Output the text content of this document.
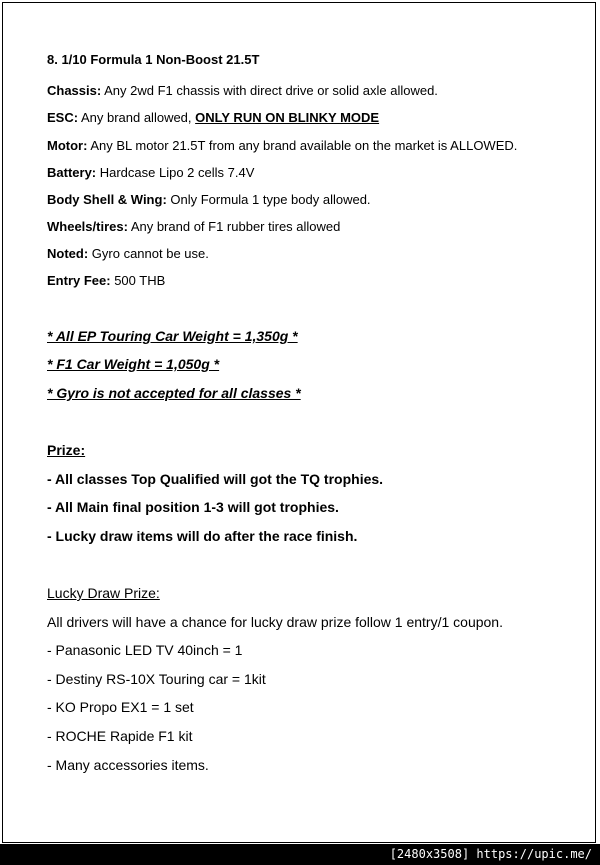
8. 1/10 Formula 1 Non-Boost 21.5T
Chassis: Any 2wd F1 chassis with direct drive or solid axle allowed.
ESC: Any brand allowed, ONLY RUN ON BLINKY MODE
Motor: Any BL motor 21.5T from any brand available on the market is ALLOWED.
Battery: Hardcase Lipo 2 cells 7.4V
Body Shell & Wing: Only Formula 1 type body allowed.
Wheels/tires: Any brand of F1 rubber tires allowed
Noted: Gyro cannot be use.
Entry Fee: 500 THB
* All EP Touring Car Weight = 1,350g *
* F1 Car Weight = 1,050g *
* Gyro is not accepted for all classes *
Prize:
- All classes Top Qualified will got the TQ trophies.
- All Main final position 1-3 will got trophies.
- Lucky draw items will do after the race finish.
Lucky Draw Prize:
All drivers will have a chance for lucky draw prize follow 1 entry/1 coupon.
- Panasonic LED TV 40inch = 1
- Destiny RS-10X Touring car = 1kit
- KO Propo EX1 = 1 set
- ROCHE Rapide F1 kit
- Many accessories items.
[2480x3508] https://upic.me/
